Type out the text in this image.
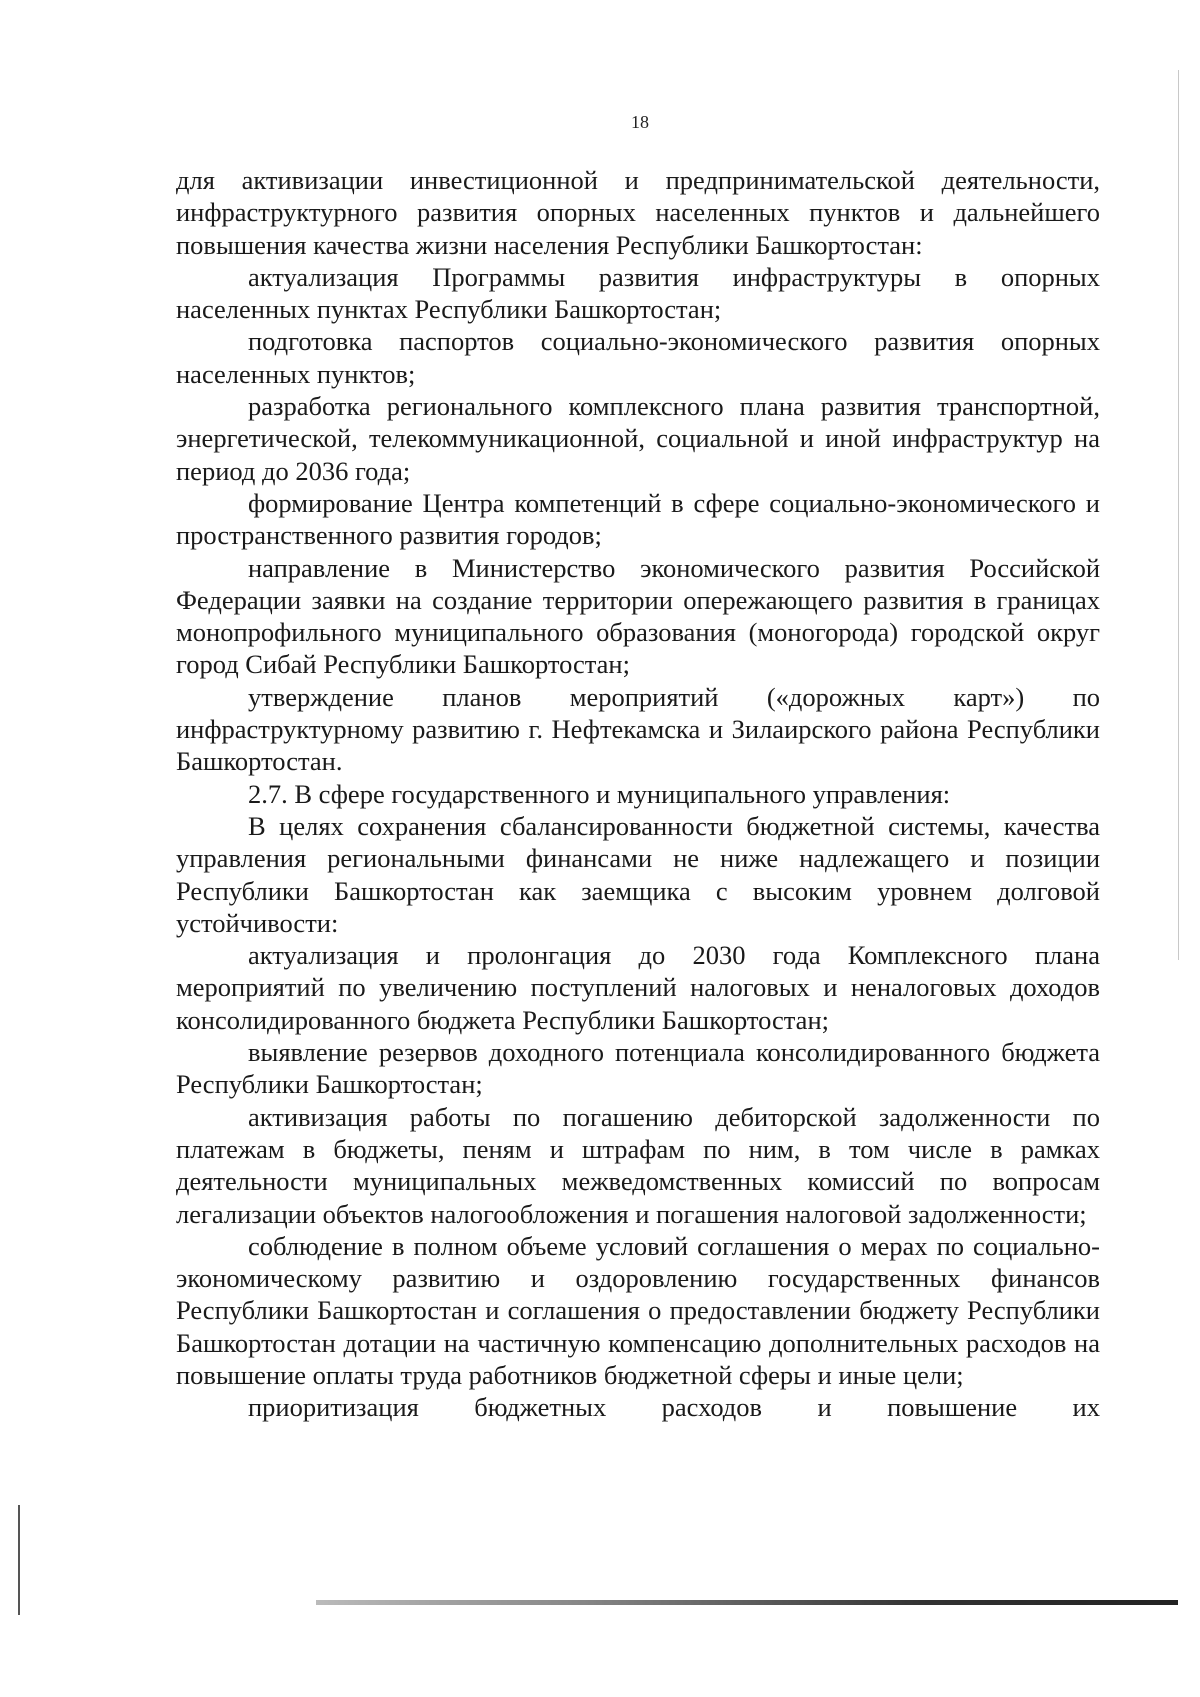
18

для активизации инвестиционной и предпринимательской деятельности, инфраструктурного развития опорных населенных пунктов и дальнейшего повышения качества жизни населения Республики Башкортостан:

актуализация Программы развития инфраструктуры в опорных населенных пунктах Республики Башкортостан;

подготовка паспортов социально-экономического развития опорных населенных пунктов;

разработка регионального комплексного плана развития транспортной, энергетической, телекоммуникационной, социальной и иной инфраструктур на период до 2036 года;

формирование Центра компетенций в сфере социально-экономического и пространственного развития городов;

направление в Министерство экономического развития Российской Федерации заявки на создание территории опережающего развития в границах монопрофильного муниципального образования (моногорода) городской округ город Сибай Республики Башкортостан;

утверждение планов мероприятий («дорожных карт») по инфраструктурному развитию г. Нефтекамска и Зилаирского района Республики Башкортостан.

2.7. В сфере государственного и муниципального управления:

В целях сохранения сбалансированности бюджетной системы, качества управления региональными финансами не ниже надлежащего и позиции Республики Башкортостан как заемщика с высоким уровнем долговой устойчивости:

актуализация и пролонгация до 2030 года Комплексного плана мероприятий по увеличению поступлений налоговых и неналоговых доходов консолидированного бюджета Республики Башкортостан;

выявление резервов доходного потенциала консолидированного бюджета Республики Башкортостан;

активизация работы по погашению дебиторской задолженности по платежам в бюджеты, пеням и штрафам по ним, в том числе в рамках деятельности муниципальных межведомственных комиссий по вопросам легализации объектов налогообложения и погашения налоговой задолженности;

соблюдение в полном объеме условий соглашения о мерах по социально-экономическому развитию и оздоровлению государственных финансов Республики Башкортостан и соглашения о предоставлении бюджету Республики Башкортостан дотации на частичную компенсацию дополнительных расходов на повышение оплаты труда работников бюджетной сферы и иные цели;

приоритизация бюджетных расходов и повышение их
